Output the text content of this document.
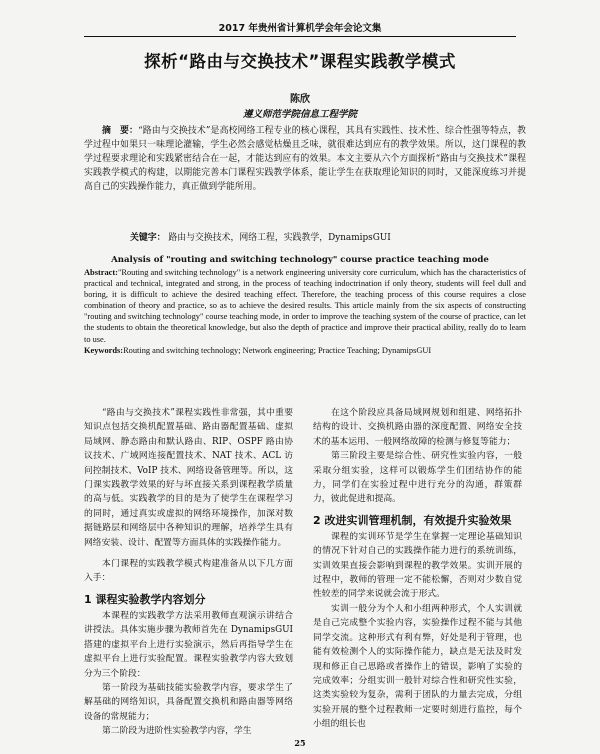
2017 年贵州省计算机学会年会论文集
探析“路由与交换技术”课程实践教学模式
陈欣
遵义师范学院信息工程学院
摘　要：“路由与交换技术”是高校网络工程专业的核心课程，其具有实践性、技术性、综合性强等特点，教学过程中如果只一味理论灌输，学生必然会感觉枯燥且乏味，就很难达到应有的教学效果。所以，这门课程的教学过程要求理论和实践紧密结合在一起，才能达到应有的效果。本文主要从六个方面探析“路由与交换技术”课程实践教学模式的构建，以期能完善本门课程实践教学体系，能让学生在获取理论知识的同时，又能深度练习并提高自己的实践操作能力，真正做到学能所用。
关键字： 路由与交换技术，网络工程，实践教学，DynamipsGUI
Analysis of "routing and switching technology" course practice teaching mode
Abstract:"Routing and switching technology" is a network engineering university core curriculum, which has the characteristics of practical and technical, integrated and strong, in the process of teaching indoctrination if only theory, students will feel dull and boring, it is difficult to achieve the desired teaching effect. Therefore, the teaching process of this course requires a close combination of theory and practice, so as to achieve the desired results. This article mainly from the six aspects of constructing "routing and switching technology" course teaching mode, in order to improve the teaching system of the course of practice, can let the students to obtain the theoretical knowledge, but also the depth of practice and improve their practical ability, really do to learn to use.
Keywords:Routing and switching technology; Network engineering; Practice Teaching; DynamipsGUI

“路由与交换技术”课程实践性非常强，其中重要知识点包括交换机配置基础、路由器配置基础、虚拟局域网、静态路由和默认路由、RIP、OSPF 路由协议技术、广域网连接配置技术、NAT 技术、ACL 访问控制技术、VoIP 技术、网络设备管理等。所以，这门课实践教学效果的好与坏直接关系到课程教学质量的高与低。实践教学的目的是为了使学生在课程学习的同时，通过真实或虚拟的网络环境操作，加深对数据链路层和网络层中各种知识的理解，培养学生具有网络安装、设计、配置等方面具体的实践操作能力。

本门课程的实践教学模式构建准备从以下几方面入手：

1 课程实验教学内容划分

本课程的实践教学方法采用教师直观演示讲结合讲授法。具体实施步骤为教师首先在 DynamipsGUI 搭建的虚拟平台上进行实验演示，然后再指导学生在虚拟平台上进行实验配置。课程实验教学内容大致划分为三个阶段：

第一阶段为基础技能实验教学内容，要求学生了解基础的网络知识，具备配置交换机和路由器等网络设备的常规能力；

第二阶段为进阶性实验教学内容，学生

在这个阶段应具备局域网规划和组建、网络拓扑结构的设计、交换机路由器的深度配置、网络安全技术的基本运用、一般网络故障的检测与修复等能力；

第三阶段主要是综合性、研究性实验内容，一般采取分组实验，这样可以锻炼学生们团结协作的能力，同学们在实验过程中进行充分的沟通，群策群力，彼此促进和提高。

2 改进实训管理机制，有效提升实验效果

课程的实训环节是学生在掌握一定理论基础知识的情况下针对自己的实践操作能力进行的系统训练，实训效果直接会影响到课程的教学效果。实训开展的过程中，教师的管理一定不能松懈，否则对少数自觉性较差的同学来说就会流于形式。

实训一般分为个人和小组两种形式，个人实训就是自己完成整个实验内容，实验操作过程不能与其他同学交流。这种形式有利有弊，好处是利于管理，也能有效检测个人的实际操作能力，缺点是无法及时发现和修正自己思路或者操作上的错误，影响了实验的完成效率；分组实训一般针对综合性和研究性实验，这类实验较为复杂，需利于团队的力量去完成，分组实验开展的整个过程教师一定要时刻进行监控，每个小组的组长也

25
